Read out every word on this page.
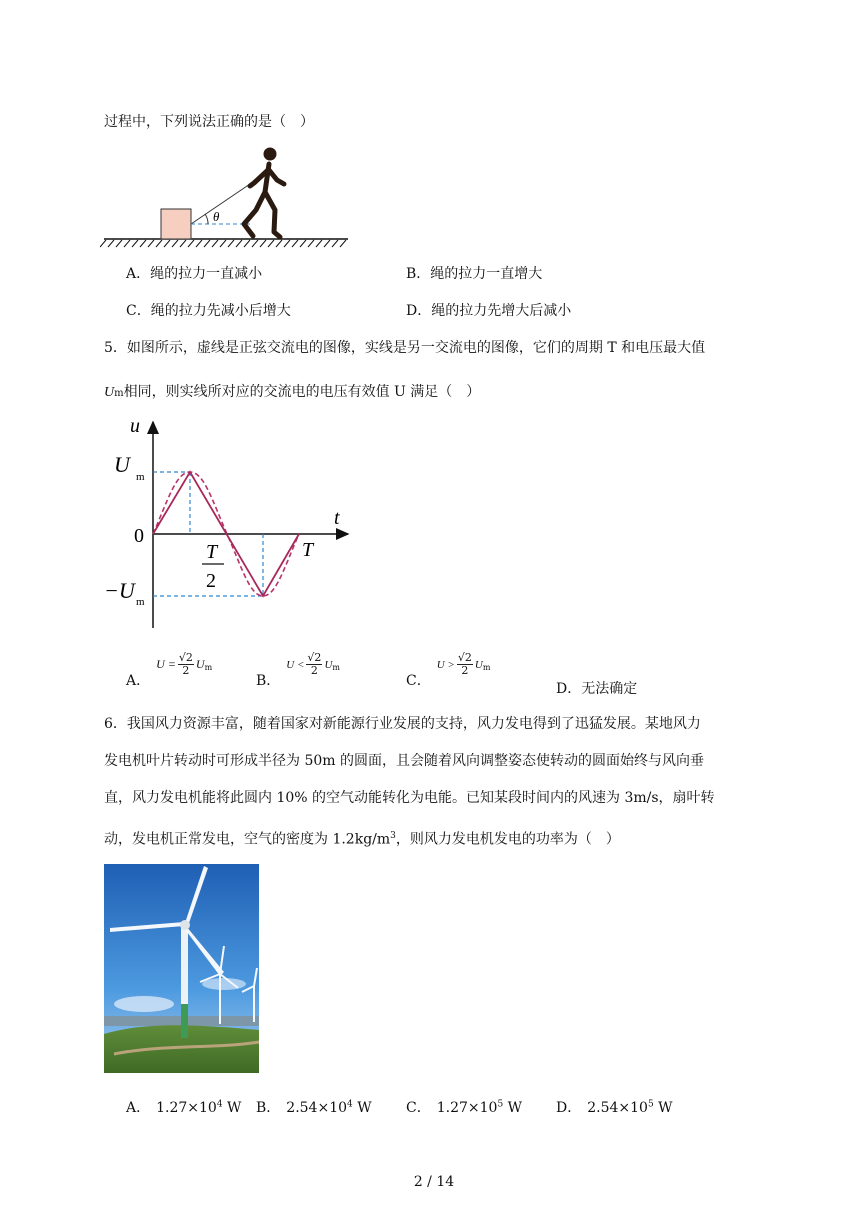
过程中，下列说法正确的是（　）
θ
A．绳的拉力一直减小	B．绳的拉力一直增大
C．绳的拉力先减小后增大	D．绳的拉力先增大后减小
5．如图所示，虚线是正弦交流电的图像，实线是另一交流电的图像，它们的周期 T 和电压最大值
Um相同，则实线所对应的交流电的电压有效值 U 满足（　）
u
t
0
U m
−U m
T
2
T
A．
$U = \frac{√2}{2}$ U m
B．
$U < \frac{√2}{2}$ U m
C．
$U > \frac{√2}{2}$ U m
D．无法确定
6．我国风力资源丰富，随着国家对新能源行业发展的支持，风力发电得到了迅猛发展。某地风力
发电机叶片转动时可形成半径为 50m 的圆面，且会随着风向调整姿态使转动的圆面始终与风向垂
直，风力发电机能将此圆内 10% 的空气动能转化为电能。已知某段时间内的风速为 3m/s，扇叶转
动，发电机正常发电，空气的密度为 $1.2kg/m^3$，则风力发电机发电的功率为（　）
A． $1.27\times 10^4$ W B． $2.54\times 10^4$ W C． $1.27\times 10^5$ W D． $2.54\times 10^5$ W
2 / 14
